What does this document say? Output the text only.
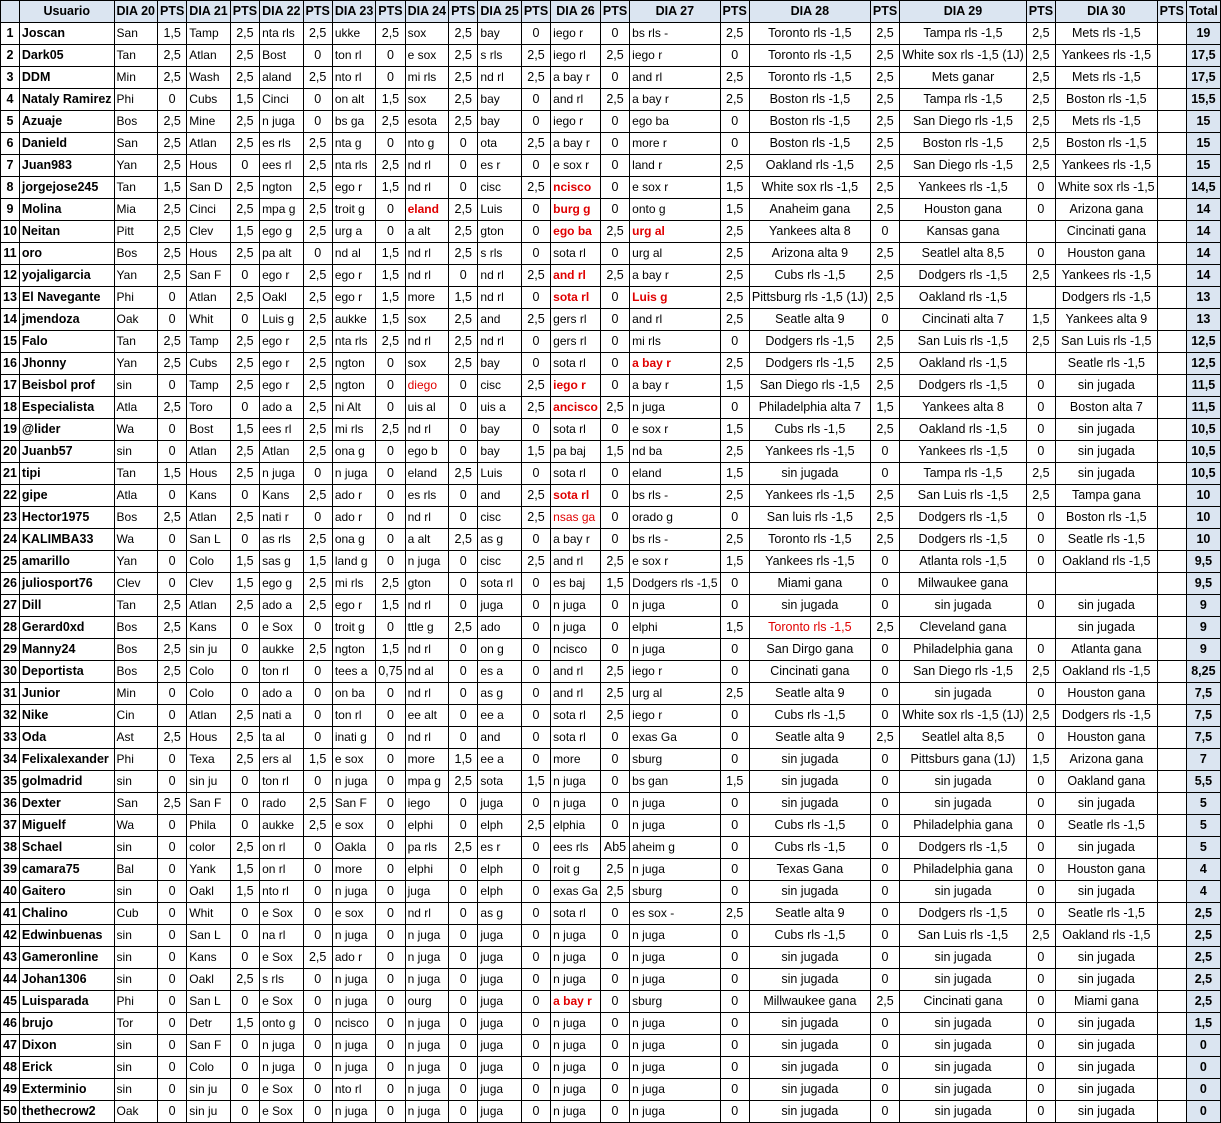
	Usuario	DIA 20	PTS	DIA 21	PTS	DIA 22	PTS	DIA 23	PTS	DIA 24	PTS	DIA 25	PTS	DIA 26	PTS	DIA 27	PTS	DIA 28	PTS	DIA 29	PTS	DIA 30	PTS	Total
1	Joscan	San	1,5	Tamp	2,5	nta rls	2,5	ukke	2,5	sox	2,5	bay	0	iego r	0	bs rls -	2,5	Toronto rls -1,5	2,5	Tampa rls -1,5	2,5	Mets rls -1,5		19
2	Dark05	Tan	2,5	Atlan	2,5	Bost	0	ton rl	0	e sox	2,5	s rls	2,5	iego rl	2,5	iego r	0	Toronto rls -1,5	2,5	White sox rls -1,5 (1J)	2,5	Yankees rls -1,5		17,5
3	DDM	Min	2,5	Wash	2,5	aland	2,5	nto rl	0	mi rls	2,5	nd rl	2,5	a bay r	0	and rl	2,5	Toronto rls -1,5	2,5	Mets ganar	2,5	Mets rls -1,5		17,5
4	Nataly Ramirez	Phi	0	Cubs	1,5	Cinci	0	on alt	1,5	sox	2,5	bay	0	and rl	2,5	a bay r	2,5	Boston rls -1,5	2,5	Tampa rls -1,5	2,5	Boston rls -1,5		15,5
5	Azuaje	Bos	2,5	Mine	2,5	n juga	0	bs ga	2,5	esota	2,5	bay	0	iego r	0	ego ba	0	Boston rls -1,5	2,5	San Diego rls -1,5	2,5	Mets rls -1,5		15
6	Danield	San	2,5	Atlan	2,5	es rls	2,5	nta g	0	nto g	0	ota	2,5	a bay r	0	more r	0	Boston rls -1,5	2,5	Boston rls -1,5	2,5	Boston rls -1,5		15
7	Juan983	Yan	2,5	Hous	0	ees rl	2,5	nta rls	2,5	nd rl	0	es r	0	e sox r	0	land r	2,5	Oakland rls -1,5	2,5	San Diego rls -1,5	2,5	Yankees rls -1,5		15
8	jorgejose245	Tan	1,5	San D	2,5	ngton	2,5	ego r	1,5	nd rl	0	cisc	2,5	ncisco	0	e sox r	1,5	White sox rls -1,5	2,5	Yankees rls -1,5	0	White sox rls -1,5		14,5
9	Molina	Mia	2,5	Cinci	2,5	mpa g	2,5	troit g	0	eland	2,5	Luis	0	burg g	0	onto g	1,5	Anaheim gana	2,5	Houston gana	0	Arizona gana		14
10	Neitan	Pitt	2,5	Clev	1,5	ego g	2,5	urg a	0	a alt	2,5	gton	0	ego ba	2,5	urg al	2,5	Yankees alta 8	0	Kansas gana		Cincinati gana		14
11	oro	Bos	2,5	Hous	2,5	pa alt	0	nd al	1,5	nd rl	2,5	s rls	0	sota rl	0	urg al	2,5	Arizona alta 9	2,5	Seatlel alta 8,5	0	Houston gana		14
12	yojaligarcia	Yan	2,5	San F	0	ego r	2,5	ego r	1,5	nd rl	0	nd rl	2,5	and rl	2,5	a bay r	2,5	Cubs rls -1,5	2,5	Dodgers rls -1,5	2,5	Yankees rls -1,5		14
13	El Navegante	Phi	0	Atlan	2,5	Oakl	2,5	ego r	1,5	more	1,5	nd rl	0	sota rl	0	Luis g	2,5	Pittsburg rls -1,5 (1J)	2,5	Oakland rls -1,5		Dodgers rls -1,5		13
14	jmendoza	Oak	0	Whit	0	Luis g	2,5	aukke	1,5	sox	2,5	and	2,5	gers rl	0	and rl	2,5	Seatle alta 9	0	Cincinati alta 7	1,5	Yankees alta 9		13
15	Falo	Tan	2,5	Tamp	2,5	ego r	2,5	nta rls	2,5	nd rl	2,5	nd rl	0	gers rl	0	mi rls	0	Dodgers rls -1,5	2,5	San Luis rls -1,5	2,5	San Luis rls -1,5		12,5
16	Jhonny	Yan	2,5	Cubs	2,5	ego r	2,5	ngton	0	sox	2,5	bay	0	sota rl	0	a bay r	2,5	Dodgers rls -1,5	2,5	Oakland rls -1,5		Seatle rls -1,5		12,5
17	Beisbol prof	sin	0	Tamp	2,5	ego r	2,5	ngton	0	diego	0	cisc	2,5	iego r	0	a bay r	1,5	San Diego rls -1,5	2,5	Dodgers rls -1,5	0	sin jugada		11,5
18	Especialista	Atla	2,5	Toro	0	ado a	2,5	ni Alt	0	uis al	0	uis a	2,5	ancisco	2,5	n juga	0	Philadelphia alta 7	1,5	Yankees alta 8	0	Boston alta 7		11,5
19	@lider	Wa	0	Bost	1,5	ees rl	2,5	mi rls	2,5	nd rl	0	bay	0	sota rl	0	e sox r	1,5	Cubs rls -1,5	2,5	Oakland rls -1,5	0	sin jugada		10,5
20	Juanb57	sin	0	Atlan	2,5	Atlan	2,5	ona g	0	ego b	0	bay	1,5	pa baj	1,5	nd ba	2,5	Yankees rls -1,5	0	Yankees rls -1,5	0	sin jugada		10,5
21	tipi	Tan	1,5	Hous	2,5	n juga	0	n juga	0	eland	2,5	Luis	0	sota rl	0	eland	1,5	sin jugada	0	Tampa rls -1,5	2,5	sin jugada		10,5
22	gipe	Atla	0	Kans	0	Kans	2,5	ado r	0	es rls	0	and	2,5	sota rl	0	bs rls -	2,5	Yankees rls -1,5	2,5	San Luis rls -1,5	2,5	Tampa gana		10
23	Hector1975	Bos	2,5	Atlan	2,5	nati r	0	ado r	0	nd rl	0	cisc	2,5	nsas ga	0	orado g	0	San luis rls -1,5	2,5	Dodgers rls -1,5	0	Boston rls -1,5		10
24	KALIMBA33	Wa	0	San L	0	as rls	2,5	ona g	0	a alt	2,5	as g	0	a bay r	0	bs rls -	2,5	Toronto rls -1,5	2,5	Dodgers rls -1,5	0	Seatle rls -1,5		10
25	amarillo	Yan	0	Colo	1,5	sas g	1,5	land g	0	n juga	0	cisc	2,5	and rl	2,5	e sox r	1,5	Yankees rls -1,5	0	Atlanta rols -1,5	0	Oakland rls -1,5		9,5
26	juliosport76	Clev	0	Clev	1,5	ego g	2,5	mi rls	2,5	gton	0	sota rl	0	es baj	1,5	Dodgers rls -1,5	0	Miami gana	0	Milwaukee gana				9,5
27	Dill	Tan	2,5	Atlan	2,5	ado a	2,5	ego r	1,5	nd rl	0	juga	0	n juga	0	n juga	0	sin jugada	0	sin jugada	0	sin jugada		9
28	Gerard0xd	Bos	2,5	Kans	0	e Sox	0	troit g	0	ttle g	2,5	ado	0	n juga	0	elphi	1,5	Toronto rls -1,5	2,5	Cleveland gana		sin jugada		9
29	Manny24	Bos	2,5	sin ju	0	aukke	2,5	ngton	1,5	nd rl	0	on g	0	ncisco	0	n juga	0	San Dirgo gana	0	Philadelphia gana	0	Atlanta gana		9
30	Deportista	Bos	2,5	Colo	0	ton rl	0	tees a	0,75	nd al	0	es a	0	and rl	2,5	iego r	0	Cincinati gana	0	San Diego rls -1,5	2,5	Oakland rls -1,5		8,25
31	Junior	Min	0	Colo	0	ado a	0	on ba	0	nd rl	0	as g	0	and rl	2,5	urg al	2,5	Seatle alta 9	0	sin jugada	0	Houston gana		7,5
32	Nike	Cin	0	Atlan	2,5	nati a	0	ton rl	0	ee alt	0	ee a	0	sota rl	2,5	iego r	0	Cubs rls -1,5	0	White sox rls -1,5 (1J)	2,5	Dodgers rls -1,5		7,5
33	Oda	Ast	2,5	Hous	2,5	ta al	0	inati g	0	nd rl	0	and	0	sota rl	0	exas Ga	0	Seatle alta 9	2,5	Seatlel alta 8,5	0	Houston gana		7,5
34	Felixalexander	Phi	0	Texa	2,5	ers al	1,5	e sox	0	more	1,5	ee a	0	more	0	sburg	0	sin jugada	0	Pittsburs gana (1J)	1,5	Arizona gana		7
35	golmadrid	sin	0	sin ju	0	ton rl	0	n juga	0	mpa g	2,5	sota	1,5	n juga	0	bs gan	1,5	sin jugada	0	sin jugada	0	Oakland gana		5,5
36	Dexter	San	2,5	San F	0	rado	2,5	San F	0	iego	0	juga	0	n juga	0	n juga	0	sin jugada	0	sin jugada	0	sin jugada		5
37	Miguelf	Wa	0	Phila	0	aukke	2,5	e sox	0	elphi	0	elph	2,5	elphia	0	n juga	0	Cubs rls -1,5	0	Philadelphia gana	0	Seatle rls -1,5		5
38	Schael	sin	0	color	2,5	on rl	0	Oakla	0	pa rls	2,5	es r	0	ees rls	Ab5	aheim g	0	Cubs rls -1,5	0	Dodgers rls -1,5	0	sin jugada		5
39	camara75	Bal	0	Yank	1,5	on rl	0	more	0	elphi	0	elph	0	roit g	2,5	n juga	0	Texas Gana	0	Philadelphia gana	0	Houston gana		4
40	Gaitero	sin	0	Oakl	1,5	nto rl	0	n juga	0	juga	0	elph	0	exas Ga	2,5	sburg	0	sin jugada	0	sin jugada	0	sin jugada		4
41	Chalino	Cub	0	Whit	0	e Sox	0	e sox	0	nd rl	0	as g	0	sota rl	0	es sox -	2,5	Seatle alta 9	0	Dodgers rls -1,5	0	Seatle rls -1,5		2,5
42	Edwinbuenas	sin	0	San L	0	na rl	0	n juga	0	n juga	0	juga	0	n juga	0	n juga	0	Cubs rls -1,5	0	San Luis rls -1,5	2,5	Oakland rls -1,5		2,5
43	Gameronline	sin	0	Kans	0	e Sox	2,5	ado r	0	n juga	0	juga	0	n juga	0	n juga	0	sin jugada	0	sin jugada	0	sin jugada		2,5
44	Johan1306	sin	0	Oakl	2,5	s rls	0	n juga	0	n juga	0	juga	0	n juga	0	n juga	0	sin jugada	0	sin jugada	0	sin jugada		2,5
45	Luisparada	Phi	0	San L	0	e Sox	0	n juga	0	ourg	0	juga	0	a bay r	0	sburg	0	Millwaukee gana	2,5	Cincinati gana	0	Miami gana		2,5
46	brujo	Tor	0	Detr	1,5	onto g	0	ncisco	0	n juga	0	juga	0	n juga	0	n juga	0	sin jugada	0	sin jugada	0	sin jugada		1,5
47	Dixon	sin	0	San F	0	n juga	0	n juga	0	n juga	0	juga	0	n juga	0	n juga	0	sin jugada	0	sin jugada	0	sin jugada		0
48	Erick	sin	0	Colo	0	n juga	0	n juga	0	n juga	0	juga	0	n juga	0	n juga	0	sin jugada	0	sin jugada	0	sin jugada		0
49	Exterminio	sin	0	sin ju	0	e Sox	0	nto rl	0	n juga	0	juga	0	n juga	0	n juga	0	sin jugada	0	sin jugada	0	sin jugada		0
50	thethecrow2	Oak	0	sin ju	0	e Sox	0	n juga	0	n juga	0	juga	0	n juga	0	n juga	0	sin jugada	0	sin jugada	0	sin jugada		0
